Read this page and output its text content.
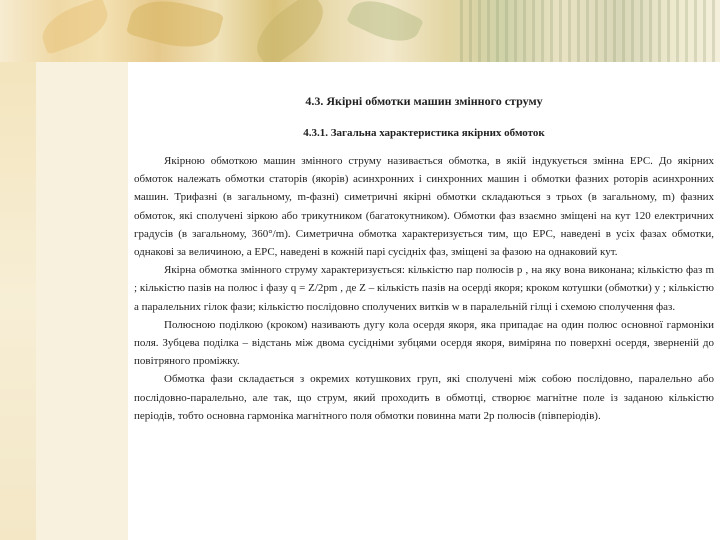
4.3. Якірні обмотки машин змінного струму
4.3.1. Загальна характеристика якірних обмоток

Якірною обмоткою машин змінного струму називається обмотка, в якій індукується змінна ЕРС. До якірних обмоток належать обмотки статорів (якорів) асинхронних і синхронних машин і обмотки фазних роторів асинхронних машин. Трифазні (в загальному, m-фазні) симетричні якірні обмотки складаються з трьох (в загальному, m) фазних обмоток, які сполучені зіркою або трикутником (багатокутником). Обмотки фаз взаємно зміщені на кут 120 електричних градусів (в загальному, 360°/m). Симетрична обмотка характеризується тим, що ЕРС, наведені в усіх фазах обмотки, однакові за величиною, а ЕРС, наведені в кожній парі сусідніх фаз, зміщені за фазою на однаковий кут.

Якірна обмотка змінного струму характеризується: кількістю пар полюсів р , на яку вона виконана; кількістю фаз m ; кількістю пазів на полюс і фазу q = Z/2pm , де Z – кількість пазів на осерді якоря; кроком котушки (обмотки) у ; кількістю a паралельних гілок фази; кількістю послідовно сполучених витків w в паралельній гілці і схемою сполучення фаз.

Полюсною поділкою (кроком) називають дугу кола осердя якоря, яка припадає на один полюс основної гармоніки поля. Зубцева поділка – відстань між двома сусідніми зубцями осердя якоря, виміряна по поверхні осердя, зверненій до повітряного проміжку.

Обмотка фази складається з окремих котушкових груп, які сполучені між собою послідовно, паралельно або послідовно-паралельно, але так, що струм, який проходить в обмотці, створює магнітне поле із заданою кількістю періодів, тобто основна гармоніка магнітного поля обмотки повинна мати 2p полюсів (півперіодів).
